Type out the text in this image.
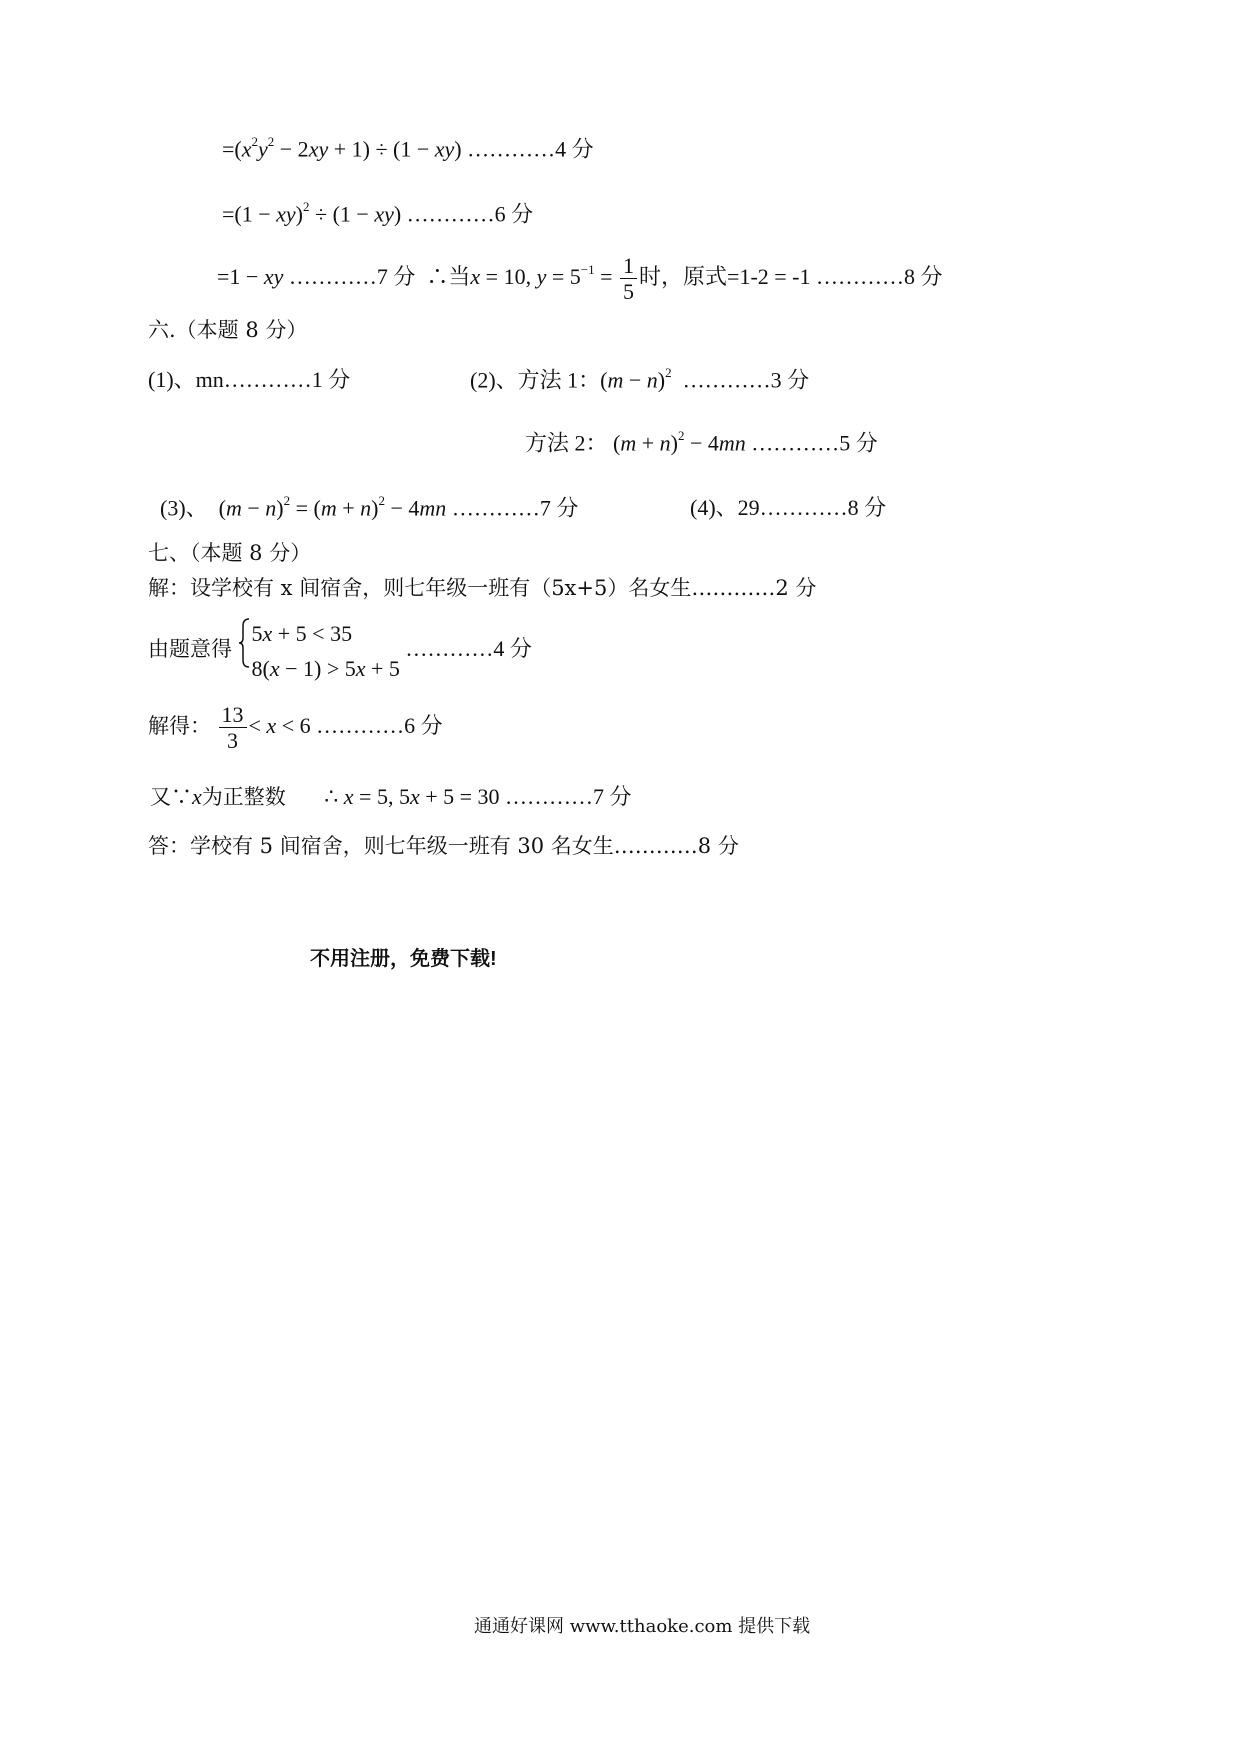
$=(x^2y^2 - 2xy + 1) \div (1 - xy)$ …………4 分
=(1 − xy)$^2$ ÷ (1 − xy) …………6 分
=1 − xy …………7 分 ∴当x = 10, $y = 5^{-1} = \frac{1}{5}$ 时，原式=1-2 = -1 …………8 分
六.（本题 8 分）
(1)、mn…………1 分	(2)、方法 1：$(m - n)^2$ …………3 分
方法 2： $(m + n)^2 - 4mn$ …………5 分
(3)、  $(m - n)^2 = (m + n)^2 - 4mn$ …………7 分	(4)、29…………8 分
七、（本题 8 分）
解：设学校有 x 间宿舍，则七年级一班有（5x+5）名女生…………2 分
由题意得
5x + 5 < 35
8(x − 1) > 5x + 5
…………4 分
解得： $\frac{13}{3} < x < 6$ …………6 分
又∵x为正整数       ∴ x = 5, 5x + 5 = 30 …………7 分
答：学校有 5 间宿舍，则七年级一班有 30 名女生…………8 分
不用注册，免费下载!
通通好课网 www.tthaoke.com 提供下载
